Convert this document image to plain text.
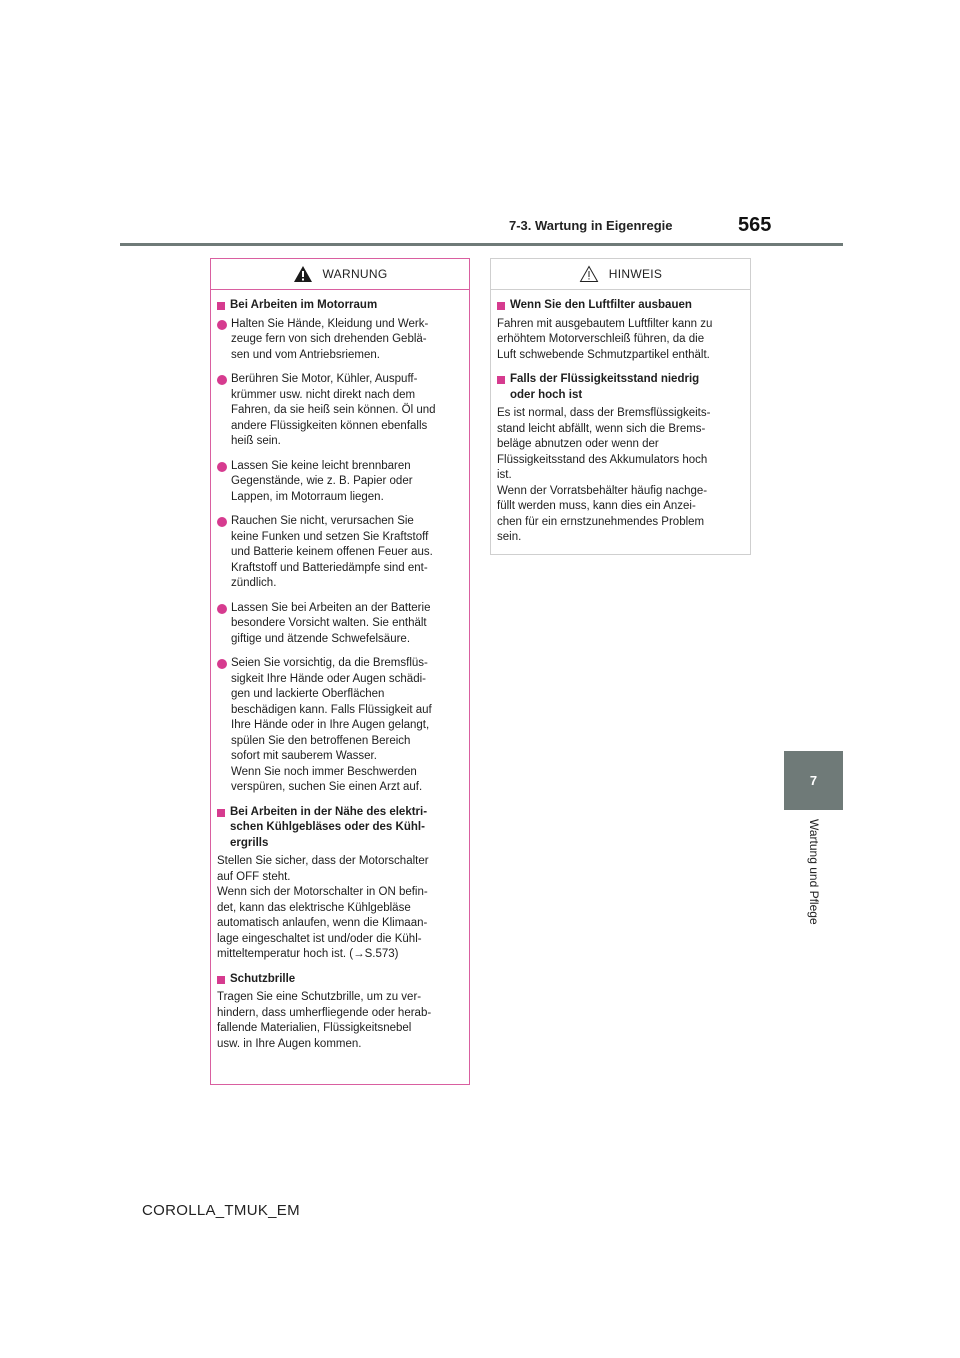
7-3. Wartung in Eigenregie	565
7
Wartung und Pflege
WARNUNG
Bei Arbeiten im Motorraum
Halten Sie Hände, Kleidung und Werk-
zeuge fern von sich drehenden Geblä-
sen und vom Antriebsriemen.
Berühren Sie Motor, Kühler, Auspuff-
krümmer usw. nicht direkt nach dem
Fahren, da sie heiß sein können. Öl und
andere Flüssigkeiten können ebenfalls
heiß sein.
Lassen Sie keine leicht brennbaren
Gegenstände, wie z. B. Papier oder
Lappen, im Motorraum liegen.
Rauchen Sie nicht, verursachen Sie
keine Funken und setzen Sie Kraftstoff
und Batterie keinem offenen Feuer aus.
Kraftstoff und Batteriedämpfe sind ent-
zündlich.
Lassen Sie bei Arbeiten an der Batterie
besondere Vorsicht walten. Sie enthält
giftige und ätzende Schwefelsäure.
Seien Sie vorsichtig, da die Bremsflüs-
sigkeit Ihre Hände oder Augen schädi-
gen und lackierte Oberflächen
beschädigen kann. Falls Flüssigkeit auf
Ihre Hände oder in Ihre Augen gelangt,
spülen Sie den betroffenen Bereich
sofort mit sauberem Wasser.
Wenn Sie noch immer Beschwerden
verspüren, suchen Sie einen Arzt auf.
Bei Arbeiten in der Nähe des elektri-
schen Kühlgebläses oder des Kühl-
ergrills
Stellen Sie sicher, dass der Motorschalter
auf OFF steht.
Wenn sich der Motorschalter in ON befin-
det, kann das elektrische Kühlgebläse
automatisch anlaufen, wenn die Klimaan-
lage eingeschaltet ist und/oder die Kühl-
mitteltemperatur hoch ist. (→S.573)
Schutzbrille
Tragen Sie eine Schutzbrille, um zu ver-
hindern, dass umherfliegende oder herab-
fallende Materialien, Flüssigkeitsnebel
usw. in Ihre Augen kommen.
HINWEIS
Wenn Sie den Luftfilter ausbauen
Fahren mit ausgebautem Luftfilter kann zu
erhöhtem Motorverschleiß führen, da die
Luft schwebende Schmutzpartikel enthält.
Falls der Flüssigkeitsstand niedrig
oder hoch ist
Es ist normal, dass der Bremsflüssigkeits-
stand leicht abfällt, wenn sich die Brems-
beläge abnutzen oder wenn der
Flüssigkeitsstand des Akkumulators hoch
ist.
Wenn der Vorratsbehälter häufig nachge-
füllt werden muss, kann dies ein Anzei-
chen für ein ernstzunehmendes Problem
sein.
COROLLA_TMUK_EM
